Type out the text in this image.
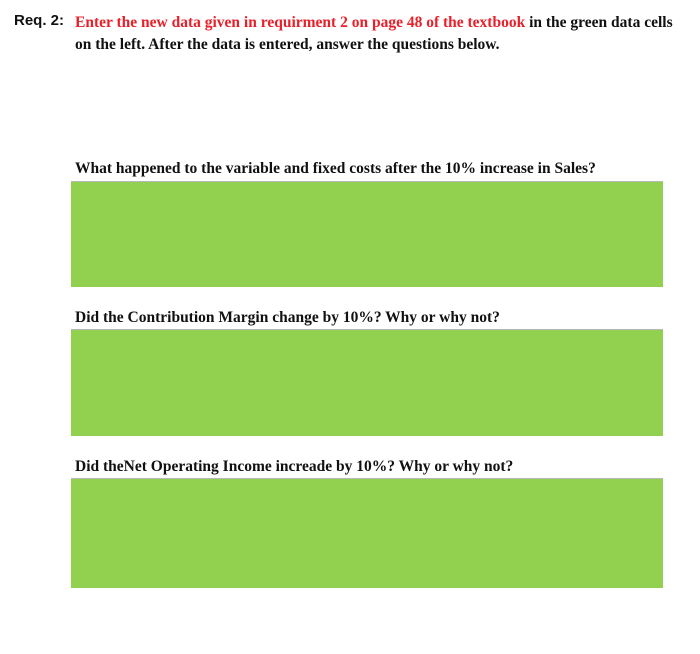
Req. 2: Enter the new data given in requirment 2 on page 48 of the textbook in the green data cells on the left. After the data is entered, answer the questions below.
What happened to the variable and fixed costs after the 10% increase in Sales?
Did the Contribution Margin change by 10%? Why or why not?
Did theNet Operating Income increade by 10%? Why or why not?
